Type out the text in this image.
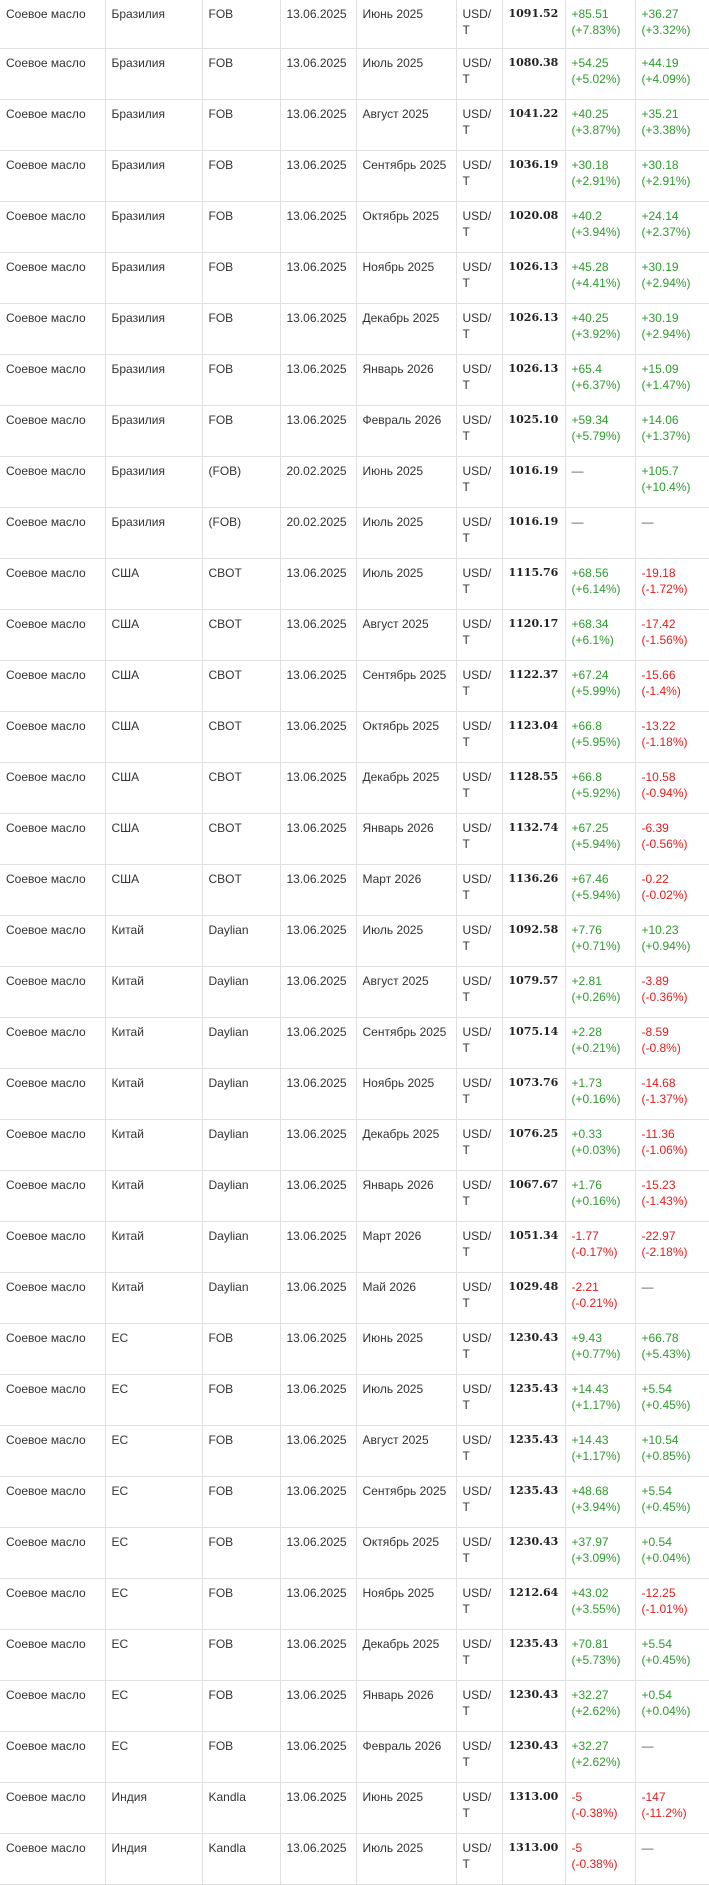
Соевое масло	Бразилия	FOB	13.06.2025	Июнь 2025	USD/
T	1091.52	+85.51
(+7.83%)	+36.27
(+3.32%)

Соевое масло	Бразилия	FOB	13.06.2025	Июль 2025	USD/
T	1080.38	+54.25
(+5.02%)	+44.19
(+4.09%)

Соевое масло	Бразилия	FOB	13.06.2025	Август 2025	USD/
T	1041.22	+40.25
(+3.87%)	+35.21
(+3.38%)

Соевое масло	Бразилия	FOB	13.06.2025	Сентябрь 2025	USD/
T	1036.19	+30.18
(+2.91%)	+30.18
(+2.91%)

Соевое масло	Бразилия	FOB	13.06.2025	Октябрь 2025	USD/
T	1020.08	+40.2
(+3.94%)	+24.14
(+2.37%)

Соевое масло	Бразилия	FOB	13.06.2025	Ноябрь 2025	USD/
T	1026.13	+45.28
(+4.41%)	+30.19
(+2.94%)

Соевое масло	Бразилия	FOB	13.06.2025	Декабрь 2025	USD/
T	1026.13	+40.25
(+3.92%)	+30.19
(+2.94%)

Соевое масло	Бразилия	FOB	13.06.2025	Январь 2026	USD/
T	1026.13	+65.4
(+6.37%)	+15.09
(+1.47%)

Соевое масло	Бразилия	FOB	13.06.2025	Февраль 2026	USD/
T	1025.10	+59.34
(+5.79%)	+14.06
(+1.37%)

Соевое масло	Бразилия	(FOB)	20.02.2025	Июнь 2025	USD/
T	1016.19	—	+105.7
(+10.4%)

Соевое масло	Бразилия	(FOB)	20.02.2025	Июль 2025	USD/
T	1016.19	—	—

Соевое масло	США	CBOT	13.06.2025	Июль 2025	USD/
T	1115.76	+68.56
(+6.14%)	-19.18
(-1.72%)

Соевое масло	США	CBOT	13.06.2025	Август 2025	USD/
T	1120.17	+68.34
(+6.1%)	-17.42
(-1.56%)

Соевое масло	США	CBOT	13.06.2025	Сентябрь 2025	USD/
T	1122.37	+67.24
(+5.99%)	-15.66
(-1.4%)

Соевое масло	США	CBOT	13.06.2025	Октябрь 2025	USD/
T	1123.04	+66.8
(+5.95%)	-13.22
(-1.18%)

Соевое масло	США	CBOT	13.06.2025	Декабрь 2025	USD/
T	1128.55	+66.8
(+5.92%)	-10.58
(-0.94%)

Соевое масло	США	CBOT	13.06.2025	Январь 2026	USD/
T	1132.74	+67.25
(+5.94%)	-6.39
(-0.56%)

Соевое масло	США	CBOT	13.06.2025	Март 2026	USD/
T	1136.26	+67.46
(+5.94%)	-0.22
(-0.02%)

Соевое масло	Китай	Daylian	13.06.2025	Июль 2025	USD/
T	1092.58	+7.76
(+0.71%)	+10.23
(+0.94%)

Соевое масло	Китай	Daylian	13.06.2025	Август 2025	USD/
T	1079.57	+2.81
(+0.26%)	-3.89
(-0.36%)

Соевое масло	Китай	Daylian	13.06.2025	Сентябрь 2025	USD/
T	1075.14	+2.28
(+0.21%)	-8.59
(-0.8%)

Соевое масло	Китай	Daylian	13.06.2025	Ноябрь 2025	USD/
T	1073.76	+1.73
(+0.16%)	-14.68
(-1.37%)

Соевое масло	Китай	Daylian	13.06.2025	Декабрь 2025	USD/
T	1076.25	+0.33
(+0.03%)	-11.36
(-1.06%)

Соевое масло	Китай	Daylian	13.06.2025	Январь 2026	USD/
T	1067.67	+1.76
(+0.16%)	-15.23
(-1.43%)

Соевое масло	Китай	Daylian	13.06.2025	Март 2026	USD/
T	1051.34	-1.77
(-0.17%)	-22.97
(-2.18%)

Соевое масло	Китай	Daylian	13.06.2025	Май 2026	USD/
T	1029.48	-2.21
(-0.21%)	—

Соевое масло	ЕС	FOB	13.06.2025	Июнь 2025	USD/
T	1230.43	+9.43
(+0.77%)	+66.78
(+5.43%)

Соевое масло	ЕС	FOB	13.06.2025	Июль 2025	USD/
T	1235.43	+14.43
(+1.17%)	+5.54
(+0.45%)

Соевое масло	ЕС	FOB	13.06.2025	Август 2025	USD/
T	1235.43	+14.43
(+1.17%)	+10.54
(+0.85%)

Соевое масло	ЕС	FOB	13.06.2025	Сентябрь 2025	USD/
T	1235.43	+48.68
(+3.94%)	+5.54
(+0.45%)

Соевое масло	ЕС	FOB	13.06.2025	Октябрь 2025	USD/
T	1230.43	+37.97
(+3.09%)	+0.54
(+0.04%)

Соевое масло	ЕС	FOB	13.06.2025	Ноябрь 2025	USD/
T	1212.64	+43.02
(+3.55%)	-12.25
(-1.01%)

Соевое масло	ЕС	FOB	13.06.2025	Декабрь 2025	USD/
T	1235.43	+70.81
(+5.73%)	+5.54
(+0.45%)

Соевое масло	ЕС	FOB	13.06.2025	Январь 2026	USD/
T	1230.43	+32.27
(+2.62%)	+0.54
(+0.04%)

Соевое масло	ЕС	FOB	13.06.2025	Февраль 2026	USD/
T	1230.43	+32.27
(+2.62%)	—

Соевое масло	Индия	Kandla	13.06.2025	Июнь 2025	USD/
T	1313.00	-5
(-0.38%)	-147
(-11.2%)

Соевое масло	Индия	Kandla	13.06.2025	Июль 2025	USD/
T	1313.00	-5
(-0.38%)	—
